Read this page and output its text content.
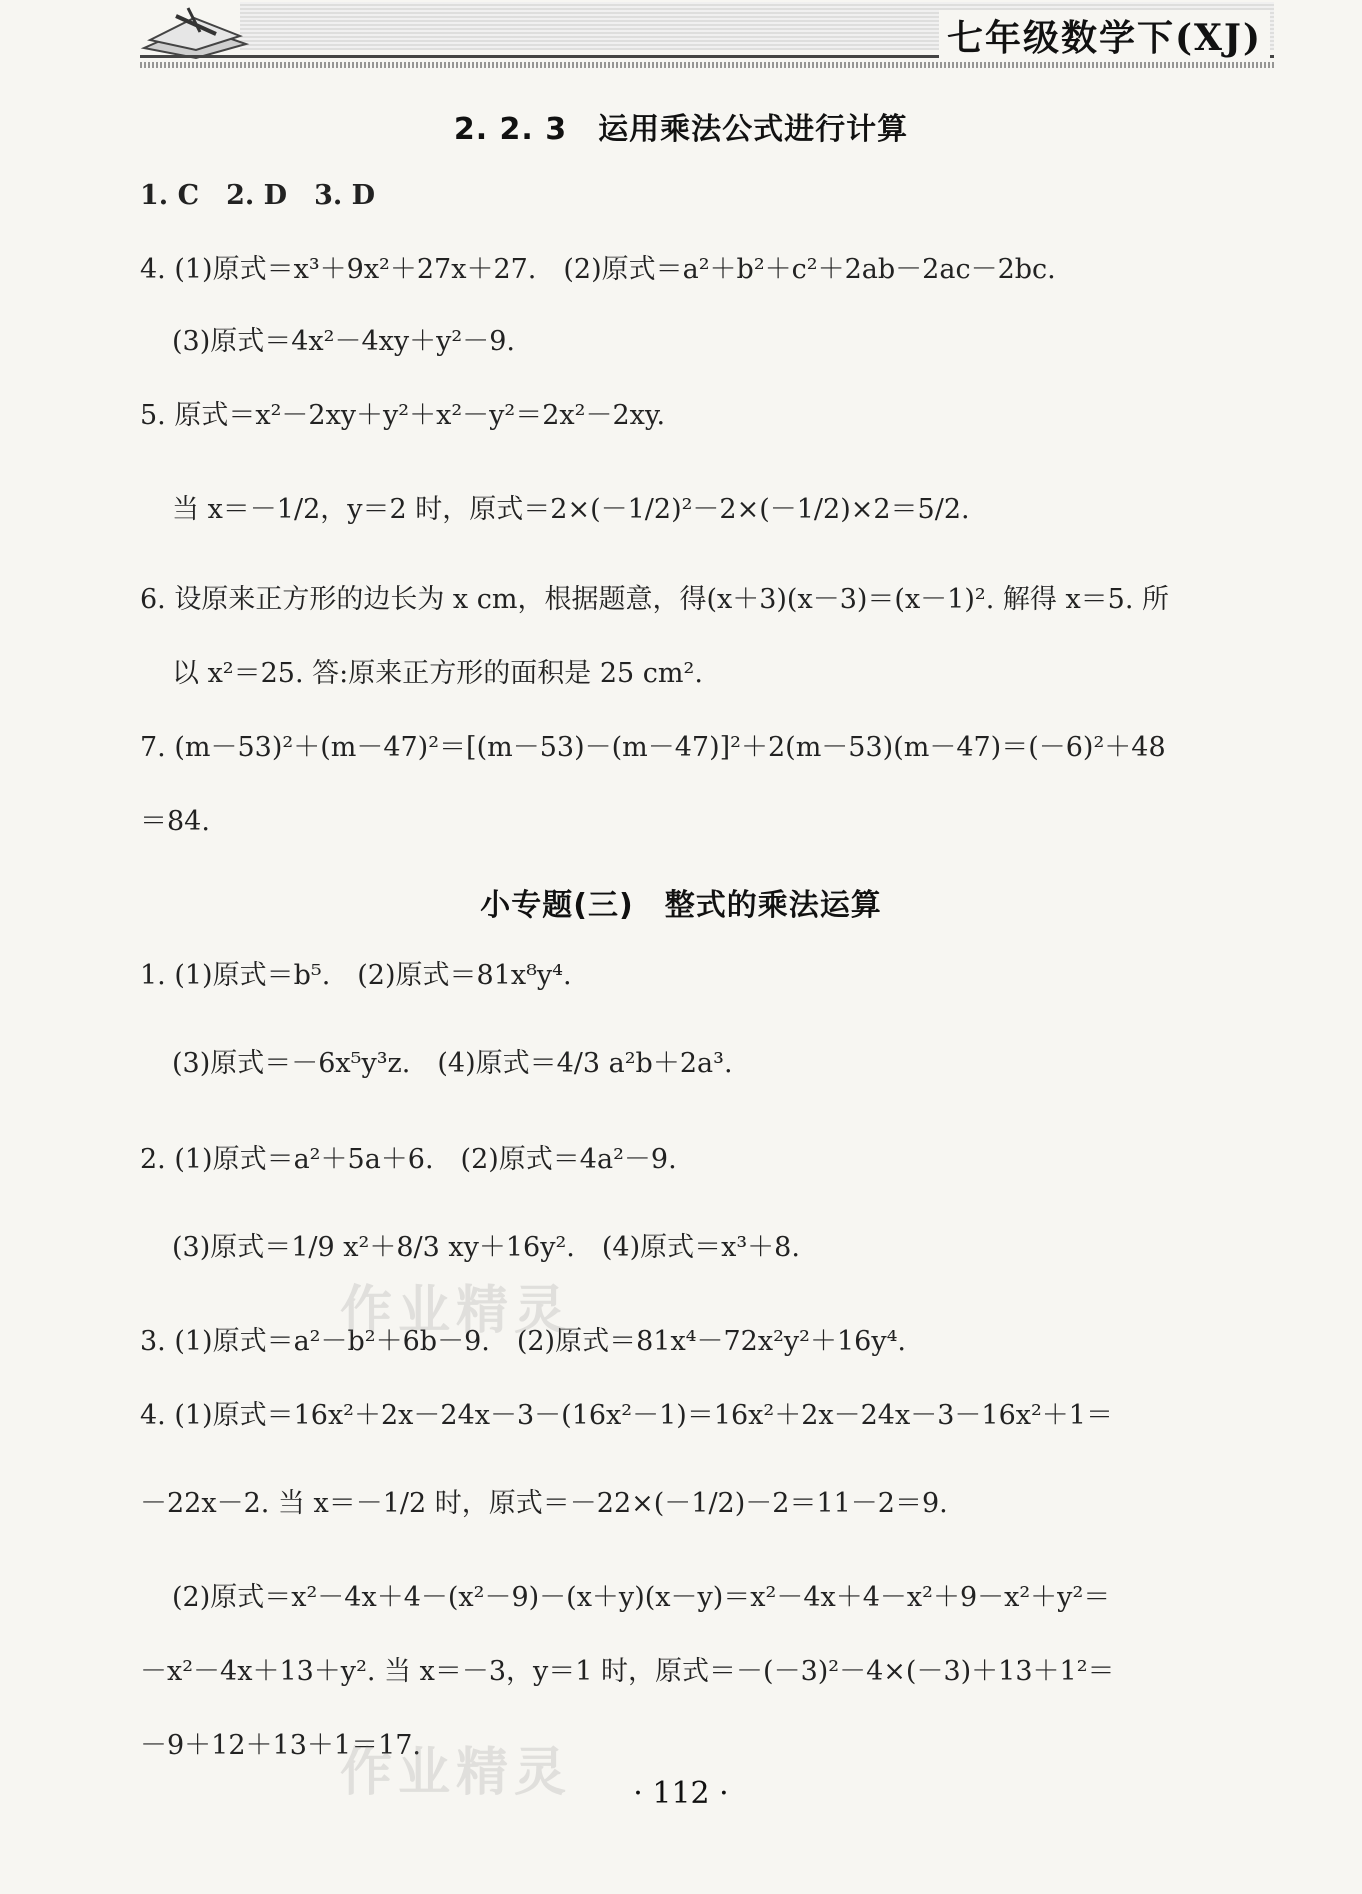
七年级数学下(XJ)
2. 2. 3　运用乘法公式进行计算
1. C　2. D　3. D
4. (1)原式＝x³＋9x²＋27x＋27.　(2)原式＝a²＋b²＋c²＋2ab－2ac－2bc.
(3)原式＝4x²－4xy＋y²－9.
5. 原式＝x²－2xy＋y²＋x²－y²＝2x²－2xy.
当 x＝－1/2，y＝2 时，原式＝2×(－1/2)²－2×(－1/2)×2＝5/2.
6. 设原来正方形的边长为 x cm，根据题意，得(x＋3)(x－3)＝(x－1)². 解得 x＝5. 所
以 x²＝25. 答:原来正方形的面积是 25 cm².
7. (m－53)²＋(m－47)²＝[(m－53)－(m－47)]²＋2(m－53)(m－47)＝(－6)²＋48
＝84.
小专题(三)　整式的乘法运算
1. (1)原式＝b⁵.　(2)原式＝81x⁸y⁴.
(3)原式＝－6x⁵y³z.　(4)原式＝4/3 a²b＋2a³.
2. (1)原式＝a²＋5a＋6.　(2)原式＝4a²－9.
(3)原式＝1/9 x²＋8/3 xy＋16y².　(4)原式＝x³＋8.
3. (1)原式＝a²－b²＋6b－9.　(2)原式＝81x⁴－72x²y²＋16y⁴.
4. (1)原式＝16x²＋2x－24x－3－(16x²－1)＝16x²＋2x－24x－3－16x²＋1＝
－22x－2. 当 x＝－1/2 时，原式＝－22×(－1/2)－2＝11－2＝9.
(2)原式＝x²－4x＋4－(x²－9)－(x＋y)(x－y)＝x²－4x＋4－x²＋9－x²＋y²＝
－x²－4x＋13＋y². 当 x＝－3，y＝1 时，原式＝－(－3)²－4×(－3)＋13＋1²＝
－9＋12＋13＋1＝17.
· 112 ·
作业精灵
作业精灵
